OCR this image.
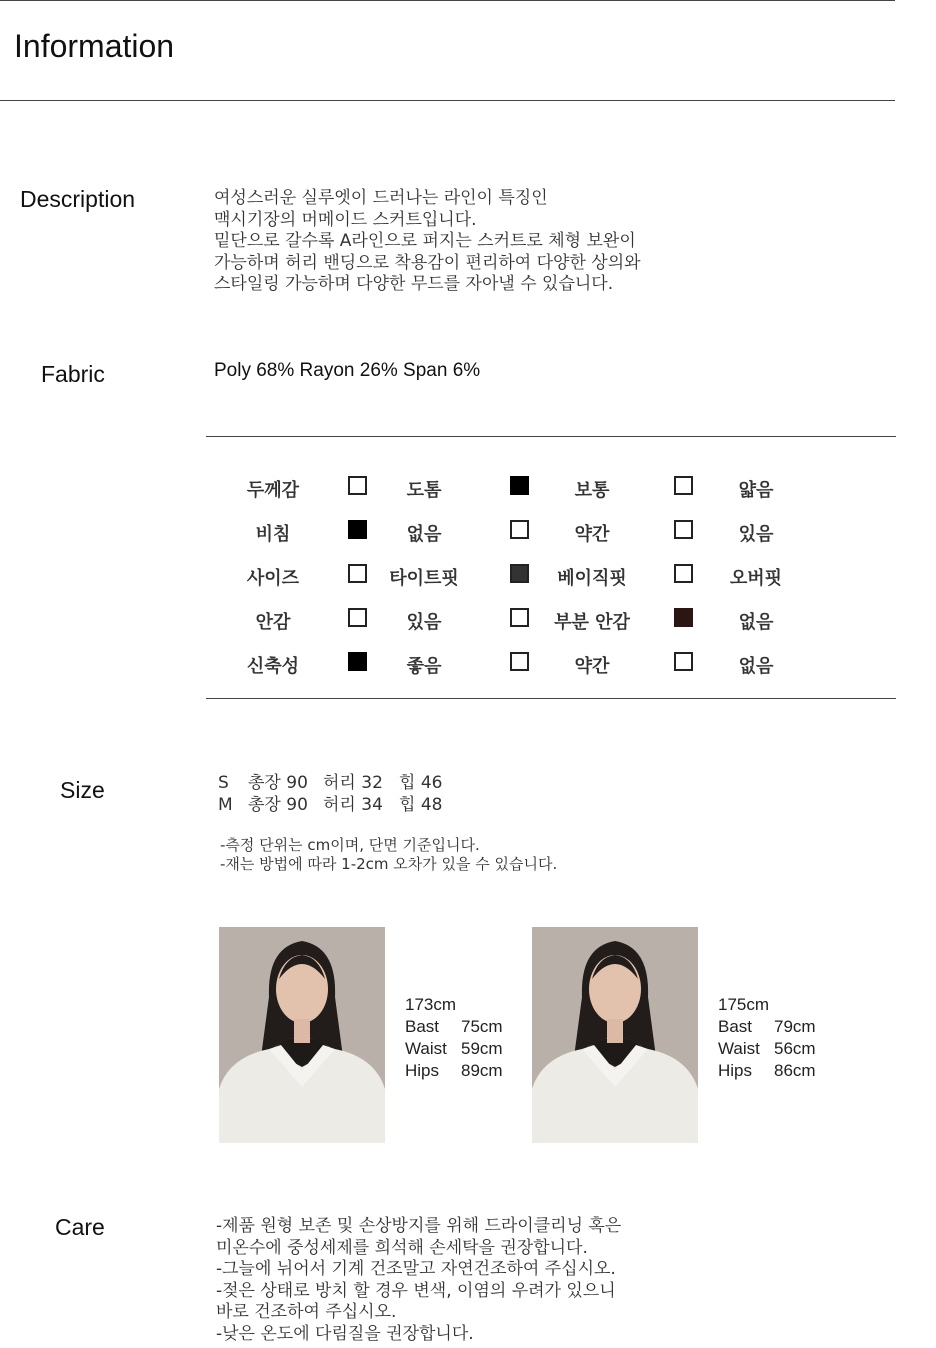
Information
Description	여성스러운 실루엣이 드러나는 라인이 특징인
맥시기장의 머메이드 스커트입니다.
밑단으로 갈수록 A라인으로 퍼지는 스커트로 체형 보완이
가능하며 허리 밴딩으로 착용감이 편리하여 다양한 상의와
스타일링 가능하며 다양한 무드를 자아낼 수 있습니다.
Fabric	Poly 68% Rayon 26% Span 6%
두께감	도톰	보통	얇음
비침	없음	약간	있음
사이즈	타이트핏	베이직핏	오버핏
안감	있음	부분 안감	없음
신축성	좋음	약간	없음
Size	S 총장 90 허리 32 힙 46
M 총장 90 허리 34 힙 48
-측정 단위는 cm이며, 단면 기준입니다.
-재는 방법에 따라 1-2cm 오차가 있을 수 있습니다.
173cm
Bast 75cm
Waist 59cm
Hips 89cm
175cm
Bast 79cm
Waist 56cm
Hips 86cm
Care	-제품 원형 보존 및 손상방지를 위해 드라이클리닝 혹은
미온수에 중성세제를 희석해 손세탁을 권장합니다.
-그늘에 뉘어서 기계 건조말고 자연건조하여 주십시오.
-젖은 상태로 방치 할 경우 변색, 이염의 우려가 있으니
바로 건조하여 주십시오.
-낮은 온도에 다림질을 권장합니다.
